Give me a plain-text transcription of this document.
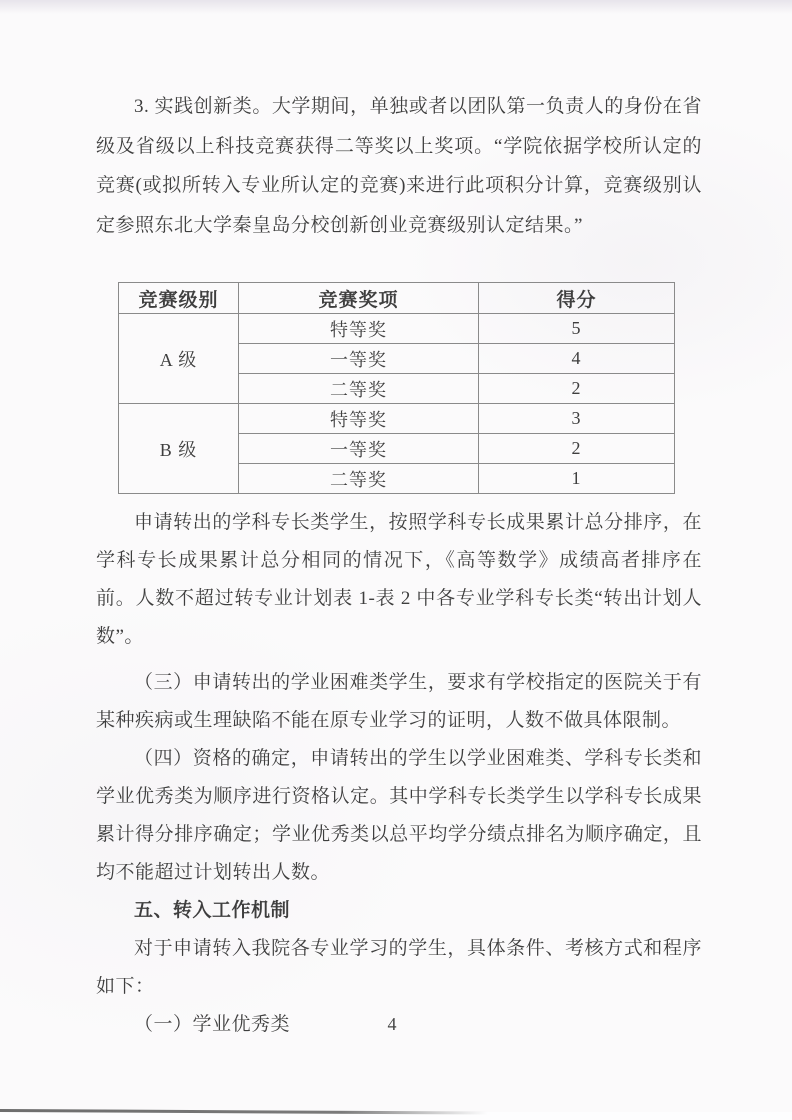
3. 实践创新类。大学期间，单独或者以团队第一负责人的身份在省级及省级以上科技竞赛获得二等奖以上奖项。“学院依据学校所认定的竞赛(或拟所转入专业所认定的竞赛)来进行此项积分计算，竞赛级别认定参照东北大学秦皇岛分校创新创业竞赛级别认定结果。”

竞赛级别	竞赛奖项	得分
A 级	特等奖	5
	一等奖	4
	二等奖	2
B 级	特等奖	3
	一等奖	2
	二等奖	1

申请转出的学科专长类学生，按照学科专长成果累计总分排序，在学科专长成果累计总分相同的情况下，《高等数学》成绩高者排序在前。人数不超过转专业计划表 1-表 2 中各专业学科专长类“转出计划人数”。

（三）申请转出的学业困难类学生，要求有学校指定的医院关于有某种疾病或生理缺陷不能在原专业学习的证明，人数不做具体限制。

（四）资格的确定，申请转出的学生以学业困难类、学科专长类和学业优秀类为顺序进行资格认定。其中学科专长类学生以学科专长成果累计得分排序确定；学业优秀类以总平均学分绩点排名为顺序确定，且均不能超过计划转出人数。

五、转入工作机制

对于申请转入我院各专业学习的学生，具体条件、考核方式和程序如下：

（一）学业优秀类	4
